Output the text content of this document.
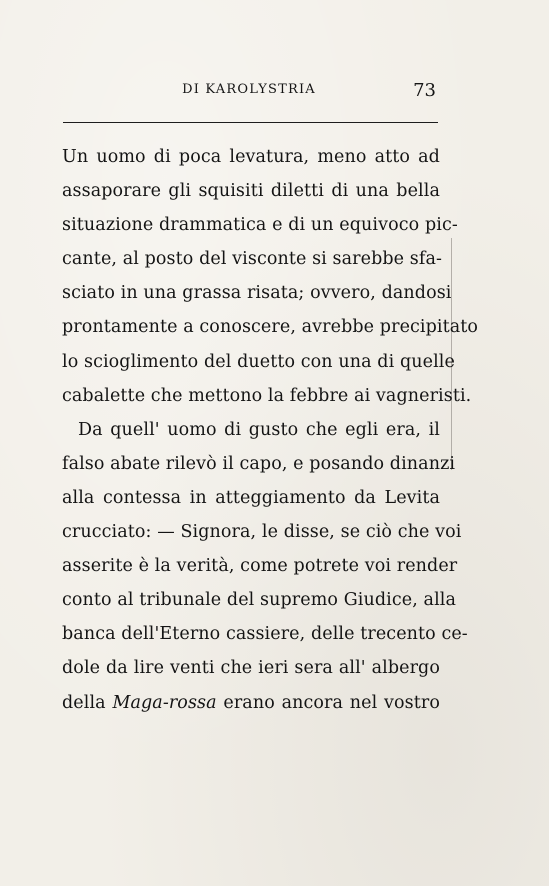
DI KAROLYSTRIA	73
Un uomo di poca levatura, meno atto ad
assaporare gli squisiti diletti di una bella
situazione drammatica e di un equivoco pic-
cante, al posto del visconte si sarebbe sfa-
sciato in una grassa risata; ovvero, dandosi
prontamente a conoscere, avrebbe precipitato
lo scioglimento del duetto con una di quelle
cabalette che mettono la febbre ai vagneristi.
Da quell' uomo di gusto che egli era, il
falso abate rilevò il capo, e posando dinanzi
alla contessa in atteggiamento da Levita
crucciato: — Signora, le disse, se ciò che voi
asserite è la verità, come potrete voi render
conto al tribunale del supremo Giudice, alla
banca dell'Eterno cassiere, delle trecento ce-
dole da lire venti che ieri sera all' albergo
della Maga-rossa erano ancora nel vostro
